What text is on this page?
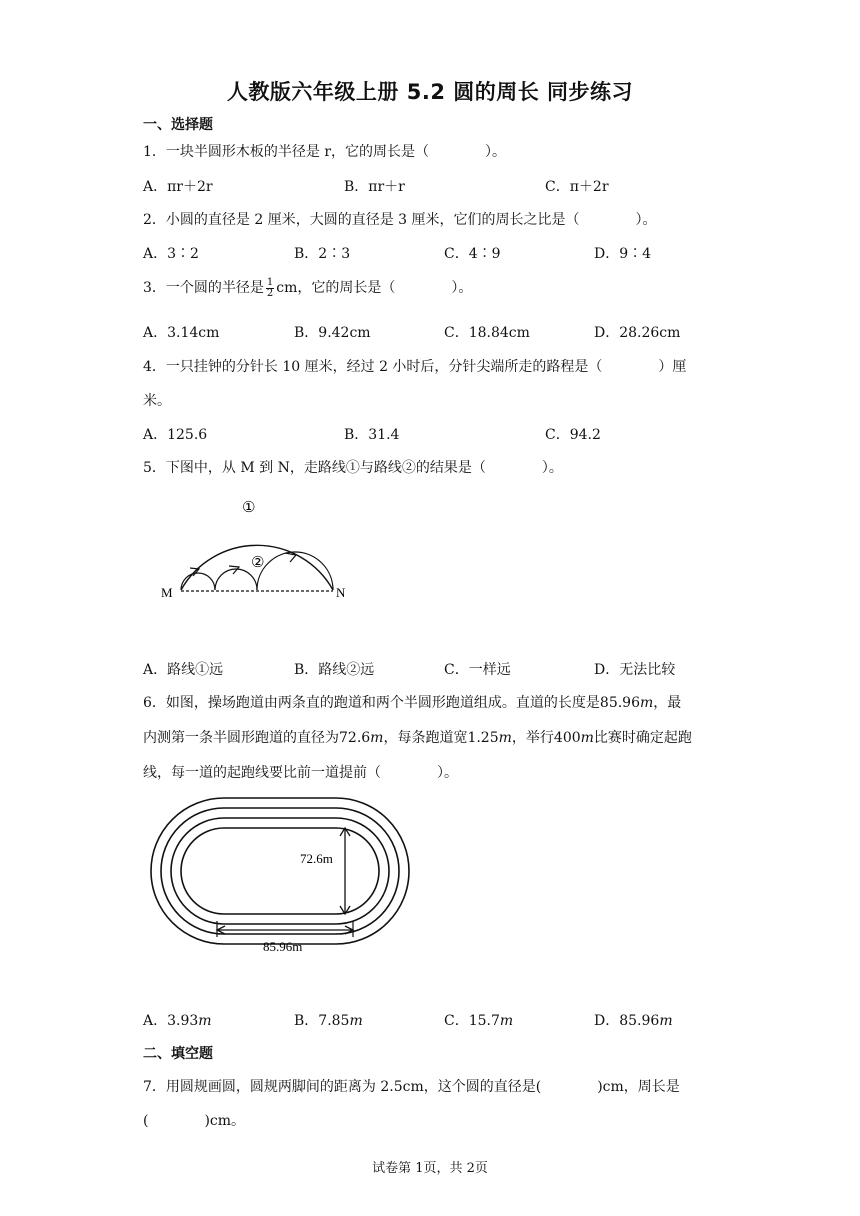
人教版六年级上册 5.2 圆的周长 同步练习
一、选择题
1．一块半圆形木板的半径是 r，它的周长是（　　　　）。
A．πr＋2r	B．πr＋r	C．π＋2r
2．小圆的直径是 2 厘米，大圆的直径是 3 厘米，它们的周长之比是（　　　　）。
A．3∶2	B．2∶3	C．4∶9	D．9∶4
3．一个圆的半径是 $\frac{1}{2}$ cm，它的周长是（　　　　）。
A．3.14cm	B．9.42cm	C．18.84cm	D．28.26cm
4．一只挂钟的分针长 10 厘米，经过 2 小时后，分针尖端所走的路程是（　　　　）厘
米。
A．125.6	B．31.4	C．94.2
5．下图中，从 M 到 N，走路线①与路线②的结果是（　　　　）。
M	N
①
②
A．路线①远	B．路线②远	C．一样远	D．无法比较
6．如图，操场跑道由两条直的跑道和两个半圆形跑道组成。直道的长度是85.96m，最
内测第一条半圆形跑道的直径为72.6m，每条跑道宽1.25m，举行400m比赛时确定起跑
线，每一道的起跑线要比前一道提前（　　　　）。
72.6m
85.96m
A．3.93m	B．7.85m	C．15.7m	D．85.96m
二、填空题
7．用圆规画圆，圆规两脚间的距离为 2.5cm，这个圆的直径是(　　　　)cm，周长是
(　　　　)cm。
试卷第 1页，共 2页
